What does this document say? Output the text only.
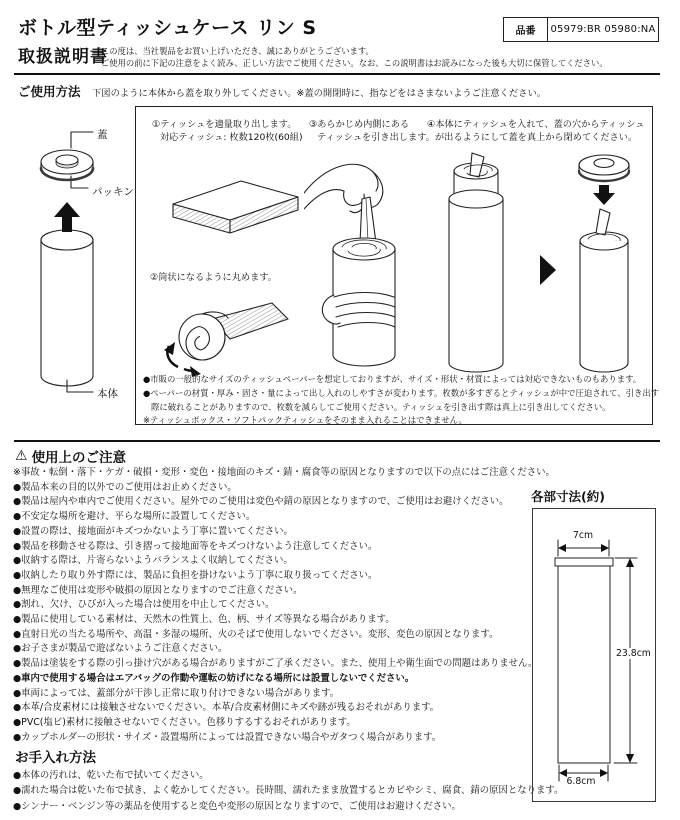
ボトル型ティッシュケース リン S	品番	05979:BR 05980:NA
取扱説明書
この度は、当社製品をお買い上げいただき、誠にありがとうございます。
ご使用の前に下記の注意をよく読み、正しい方法でご使用ください。なお、この説明書はお読みになった後も大切に保管してください。
ご使用方法 下図のように本体から蓋を取り外してください。※蓋の開閉時に、指などをはさまないようご注意ください。
蓋
パッキン
本体
①ティッシュを適量取り出します。
対応ティッシュ: 枚数120枚(60組)
②筒状になるように丸めます。
③あらかじめ内側にある
ティッシュを引き出します。
④本体にティッシュを入れて、蓋の穴からティッシュ
が出るようにして蓋を真上から閉めてください。
●市販の一般的なサイズのティッシュペーパーを想定しておりますが、サイズ・形状・材質によっては対応できないものもあります。
●ペーパーの材質・厚み・固さ・量によって出し入れのしやすさが変わります。枚数が多すぎるとティッシュが中で圧迫されて、引き出す
際に破れることがありますので、枚数を減らしてご使用ください。ティッシュを引き出す際は真上に引き出してください。
※ティッシュボックス・ソフトパックティッシュをそのまま入れることはできません。
⚠ 使用上のご注意
※事故・転倒・落下・ケガ・破損・変形・変色・接地面のキズ・錆・腐食等の原因となりますので以下の点にはご注意ください。
●製品本来の目的以外でのご使用はお止めください。
●製品は屋内や車内でご使用ください。屋外でのご使用は変色や錆の原因となりますので、ご使用はお避けください。
●不安定な場所を避け、平らな場所に設置してください。
●設置の際は、接地面がキズつかないよう丁寧に置いてください。
●製品を移動させる際は、引き摺って接地面等をキズつけないよう注意してください。
●収納する際は、片寄らないようバランスよく収納してください。
●収納したり取り外す際には、製品に負担を掛けないよう丁寧に取り扱ってください。
●無理なご使用は変形や破損の原因となりますのでご注意ください。
●割れ、欠け、ひびが入った場合は使用を中止してください。
●製品に使用している素材は、天然木の性質上、色、柄、サイズ等異なる場合があります。
●直射日光の当たる場所や、高温・多湿の場所、火のそばで使用しないでください。変形、変色の原因となります。
●お子さまが製品で遊ばないようご注意ください。
●製品は塗装をする際の引っ掛け穴がある場合がありますがご了承ください。また、使用上や衛生面での問題はありません。
●車内で使用する場合はエアバッグの作動や運転の妨げになる場所には設置しないでください。
●車両によっては、蓋部分が干渉し正常に取り付けできない場合があります。
●本革/合皮素材には接触させないでください。本革/合皮素材側にキズや跡が残るおそれがあります。
●PVC(塩ビ)素材に接触させないでください。色移りするするおそれがあります。
●カップホルダーの形状・サイズ・設置場所によっては設置できない場合やガタつく場合があります。
お手入れ方法
●本体の汚れは、乾いた布で拭いてください。
●濡れた場合は乾いた布で拭き、よく乾かしてください。長時間、濡れたまま放置するとカビやシミ、腐食、錆の原因となります。
●シンナー・ベンジン等の薬品を使用すると変色や変形の原因となりますので、ご使用はお避けください。
各部寸法(約)
7cm
23.8cm
6.8cm
